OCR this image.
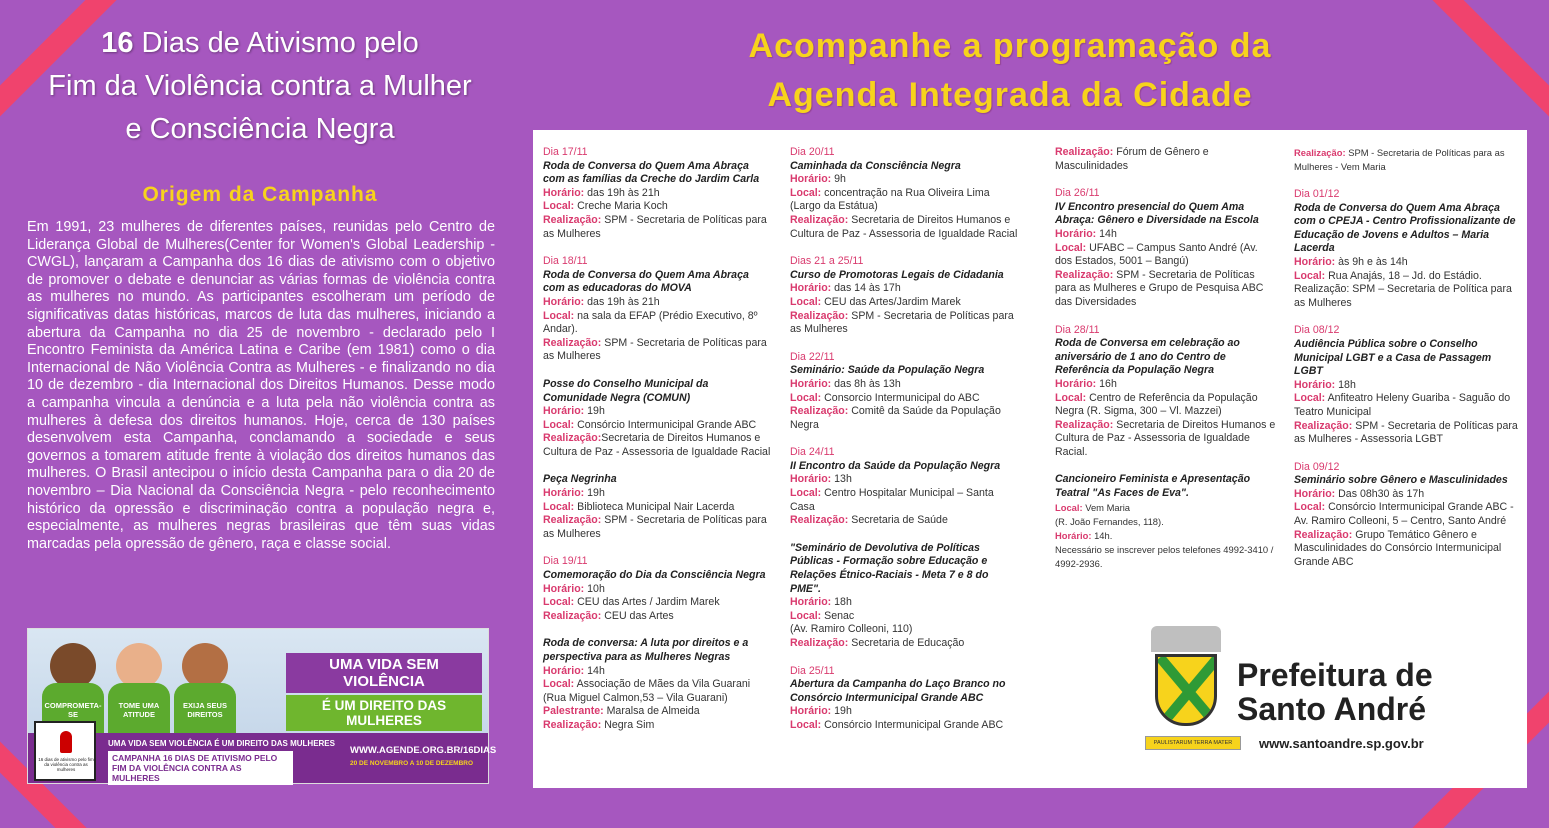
16 Dias de Ativismo pelo
Fim da Violência contra a Mulher
e Consciência Negra
Origem da Campanha
Em 1991, 23 mulheres de diferentes países, reunidas pelo Centro de Liderança Global de Mulheres(Center for Women's Global Leadership - CWGL), lançaram a Campanha dos 16 dias de ativismo com o objetivo de promover o debate e denunciar as várias formas de violência contra as mulheres no mundo. As participantes escolheram um período de significativas datas históricas, marcos de luta das mulheres, iniciando a abertura da Campanha no dia 25 de novembro - declarado pelo I Encontro Feminista da América Latina e Caribe (em 1981) como o dia Internacional de Não Violência Contra as Mulheres - e finalizando no dia 10 de dezembro - dia Internacional dos Direitos Humanos. Desse modo a campanha vincula a denúncia e a luta pela não violência contra as mulheres à defesa dos direitos humanos. Hoje, cerca de 130 países desenvolvem esta Campanha, conclamando a sociedade e seus governos a tomarem atitude frente à violação dos direitos humanos das mulheres. O Brasil antecipou o início desta Campanha para o dia 20 de novembro – Dia Nacional da Consciência Negra - pelo reconhecimento histórico da opressão e discriminação contra a população negra e, especialmente, as mulheres negras brasileiras que têm suas vidas marcadas pela opressão de gênero, raça e classe social.
COMPROMETA-SE
TOME UMA ATITUDE
EXIJA SEUS DIREITOS
UMA VIDA SEM VIOLÊNCIA
É UM DIREITO DAS MULHERES
16 dias de ativismo pelo fim da violência contra as mulheres
UMA VIDA SEM VIOLÊNCIA É UM DIREITO DAS MULHERES
CAMPANHA 16 DIAS DE ATIVISMO PELO FIM DA VIOLÊNCIA CONTRA AS MULHERES
WWW.AGENDE.ORG.BR/16DIAS
20 DE NOVEMBRO A 10 DE DEZEMBRO
Acompanhe a programação da
Agenda Integrada da Cidade
Dia 17/11
Roda de Conversa do Quem Ama Abraça com as famílias da Creche do Jardim Carla
Horário: das 19h às 21h
Local: Creche Maria Koch
Realização: SPM - Secretaria de Políticas para as Mulheres
Dia 18/11
Roda de Conversa do Quem Ama Abraça com as educadoras do MOVA
Horário: das 19h às 21h
Local: na sala da EFAP (Prédio Executivo, 8º Andar).
Realização: SPM - Secretaria de Políticas para as Mulheres
Posse do Conselho Municipal da Comunidade Negra (COMUN)
Horário: 19h
Local: Consórcio Intermunicipal Grande ABC
Realização:Secretaria de Direitos Humanos e Cultura de Paz - Assessoria de Igualdade Racial
Peça Negrinha
Horário: 19h
Local: Biblioteca Municipal Nair Lacerda
Realização: SPM - Secretaria de Políticas para as Mulheres
Dia 19/11
Comemoração do Dia da Consciência Negra
Horário: 10h
Local: CEU das Artes / Jardim Marek
Realização: CEU das Artes
Roda de conversa: A luta por direitos e a perspectiva para as Mulheres Negras
Horário: 14h
Local: Associação de Mães da Vila Guarani (Rua Miguel Calmon,53 – Vila Guarani)
Palestrante: Maralsa de Almeida
Realização: Negra Sim
Dia 20/11
Caminhada da Consciência Negra
Horário: 9h
Local: concentração na Rua Oliveira Lima (Largo da Estátua)
Realização: Secretaria de Direitos Humanos e Cultura de Paz - Assessoria de Igualdade Racial
Dias 21 a 25/11
Curso de Promotoras Legais de Cidadania
Horário: das 14 às 17h
Local: CEU das Artes/Jardim Marek
Realização: SPM - Secretaria de Políticas para as Mulheres
Dia 22/11
Seminário: Saúde da População Negra
Horário: das 8h às 13h
Local: Consorcio Intermunicipal do ABC
Realização: Comitê da Saúde da População Negra
Dia 24/11
II Encontro da Saúde da População Negra
Horário: 13h
Local: Centro Hospitalar Municipal – Santa Casa
Realização: Secretaria de Saúde
"Seminário de Devolutiva de Políticas Públicas - Formação sobre Educação e Relações Étnico-Raciais - Meta 7 e 8 do PME".
Horário: 18h
Local: Senac
(Av. Ramiro Colleoni, 110)
Realização: Secretaria de Educação
Dia 25/11
Abertura da Campanha do Laço Branco no Consórcio Intermunicipal Grande ABC
Horário: 19h
Local: Consórcio Intermunicipal Grande ABC
Realização: Fórum de Gênero e Masculinidades
Dia 26/11
IV Encontro presencial do Quem Ama Abraça: Gênero e Diversidade na Escola
Horário: 14h
Local: UFABC – Campus Santo André (Av. dos Estados, 5001 – Bangú)
Realização: SPM - Secretaria de Políticas para as Mulheres e Grupo de Pesquisa ABC das Diversidades
Dia 28/11
Roda de Conversa em celebração ao aniversário de 1 ano do Centro de Referência da População Negra
Horário: 16h
Local: Centro de Referência da População Negra (R. Sigma, 300 – Vl. Mazzei)
Realização: Secretaria de Direitos Humanos e Cultura de Paz - Assessoria de Igualdade Racial.
Cancioneiro Feminista e Apresentação Teatral "As Faces de Eva".
Local: Vem Maria
(R. João Fernandes, 118).
Horário: 14h.
Necessário se inscrever pelos telefones 4992-3410 / 4992-2936.
Realização: SPM - Secretaria de Políticas para as Mulheres - Vem Maria
Dia 01/12
Roda de Conversa do Quem Ama Abraça com o CPEJA - Centro Profissionalizante de Educação de Jovens e Adultos – Maria Lacerda
Horário: às 9h e às 14h
Local: Rua Anajás, 18 – Jd. do Estádio.
Realização: SPM – Secretaria de Política para as Mulheres
Dia 08/12
Audiência Pública sobre o Conselho Municipal LGBT e a Casa de Passagem LGBT
Horário: 18h
Local: Anfiteatro Heleny Guariba - Saguão do Teatro Municipal
Realização: SPM - Secretaria de Políticas para as Mulheres - Assessoria LGBT
Dia 09/12
Seminário sobre Gênero e Masculinidades
Horário: Das 08h30 às 17h
Local: Consórcio Intermunicipal Grande ABC - Av. Ramiro Colleoni, 5 – Centro, Santo André
Realização: Grupo Temático Gênero e Masculinidades do Consórcio Intermunicipal Grande ABC
PAULISTARUM TERRA MATER
Prefeitura de
Santo André
www.santoandre.sp.gov.br
